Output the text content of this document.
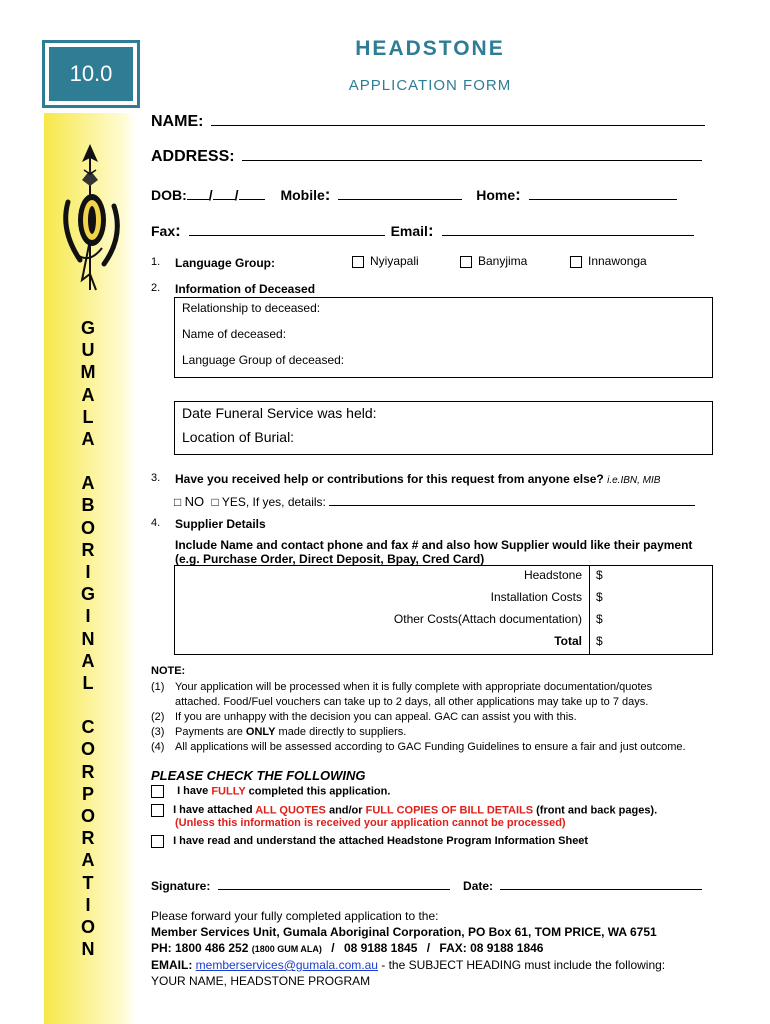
10.0
HEADSTONE
APPLICATION FORM
G
U
M
A
L
A
A
B
O
R
I
G
I
N
A
L
C
O
R
P
O
R
A
T
I
O
N
NAME:
ADDRESS:
DOB: / /	Mobile:	Home:
Fax:	Email:
1. Language Group:	Nyiyapali	Banyjima	Innawonga
2. Information of Deceased
Relationship to deceased:
Name of deceased:
Language Group of deceased:
Date Funeral Service was held:
Location of Burial:
3. Have you received help or contributions for this request from anyone else? i.e.IBN, MIB
□ NO □ YES, If yes, details:
4. Supplier Details
Include Name and contact phone and fax # and also how Supplier would like their payment
(e.g. Purchase Order, Direct Deposit, Bpay, Cred Card)
Headstone $
Installation Costs $
Other Costs(Attach documentation) $
Total $
NOTE:
(1) Your application will be processed when it is fully complete with appropriate documentation/quotes
attached. Food/Fuel vouchers can take up to 2 days, all other applications may take up to 7 days.
(2) If you are unhappy with the decision you can appeal. GAC can assist you with this.
(3) Payments are ONLY made directly to suppliers.
(4) All applications will be assessed according to GAC Funding Guidelines to ensure a fair and just outcome.
PLEASE CHECK THE FOLLOWING
I have FULLY completed this application.
I have attached ALL QUOTES and/or FULL COPIES OF BILL DETAILS (front and back pages).
(Unless this information is received your application cannot be processed)
I have read and understand the attached Headstone Program Information Sheet
Signature:	Date:
Please forward your fully completed application to the:
Member Services Unit, Gumala Aboriginal Corporation, PO Box 61, TOM PRICE, WA 6751
PH: 1800 486 252 (1800 GUM ALA) / 08 9188 1845 / FAX: 08 9188 1846
EMAIL: memberservices@gumala.com.au - the SUBJECT HEADING must include the following:
YOUR NAME, HEADSTONE PROGRAM
